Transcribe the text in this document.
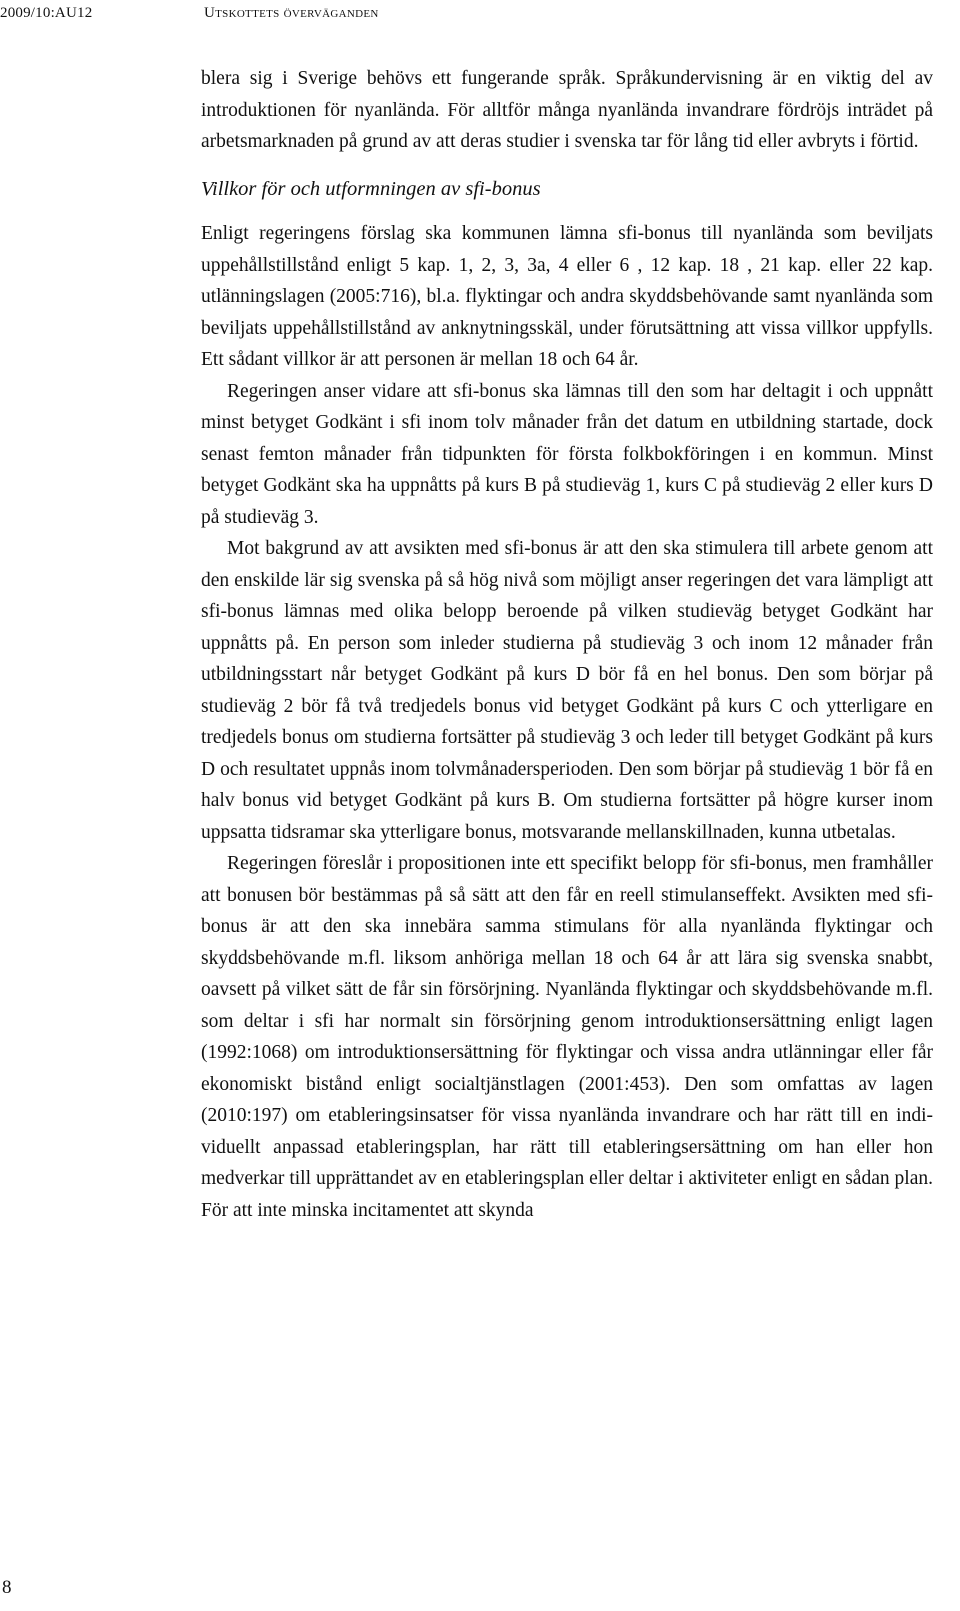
2009/10:AU12	Utskottets överväganden

blera sig i Sverige behövs ett fungerande språk. Språkundervisning är en viktig del av introduktionen för nyanlända. För alltför många nyanlända invandrare fördröjs inträdet på arbetsmarknaden på grund av att deras studier i svenska tar för lång tid eller avbryts i förtid.

Villkor för och utformningen av sfi-bonus

Enligt regeringens förslag ska kommunen lämna sfi-bonus till nyanlända som beviljats uppehållstillstånd enligt 5 kap. 1, 2, 3, 3a, 4 eller 6 , 12 kap. 18 , 21 kap. eller 22 kap. utlänningslagen (2005:716), bl.a. flyktingar och andra skyddsbehövande samt nyanlända som beviljats uppehållstillstånd av anknytningsskäl, under förutsättning att vissa villkor uppfylls. Ett sådant villkor är att personen är mellan 18 och 64 år.

Regeringen anser vidare att sfi-bonus ska lämnas till den som har deltagit i och uppnått minst betyget Godkänt i sfi inom tolv månader från det datum en utbildning startade, dock senast femton månader från tidpunkten för första folkbokföringen i en kommun. Minst betyget Godkänt ska ha uppnåtts på kurs B på studieväg 1, kurs C på studieväg 2 eller kurs D på studieväg 3.

Mot bakgrund av att avsikten med sfi-bonus är att den ska stimulera till arbete genom att den enskilde lär sig svenska på så hög nivå som möjligt anser regeringen det vara lämpligt att sfi-bonus lämnas med olika belopp beroende på vilken studieväg betyget Godkänt har uppnåtts på. En person som inleder studierna på studieväg 3 och inom 12 månader från utbildningsstart når betyget Godkänt på kurs D bör få en hel bonus. Den som börjar på studieväg 2 bör få två tredjedels bonus vid betyget Godkänt på kurs C och ytterligare en tredjedels bonus om studierna fortsätter på studieväg 3 och leder till betyget Godkänt på kurs D och resultatet uppnås inom tolvmånadersperioden. Den som börjar på studieväg 1 bör få en halv bonus vid betyget Godkänt på kurs B. Om studierna fortsätter på högre kurser inom uppsatta tidsramar ska ytterligare bonus, motsvarande mellanskillnaden, kunna utbetalas.

Regeringen föreslår i propositionen inte ett specifikt belopp för sfi-bonus, men framhåller att bonusen bör bestämmas på så sätt att den får en reell stimulanseffekt. Avsikten med sfi-bonus är att den ska innebära samma stimulans för alla nyanlända flyktingar och skyddsbehövande m.fl. liksom anhöriga mellan 18 och 64 år att lära sig svenska snabbt, oavsett på vilket sätt de får sin försörjning. Nyanlända flyktingar och skyddsbehövande m.fl. som deltar i sfi har normalt sin försörjning genom introduktionsersättning enligt lagen (1992:1068) om introduktionsersättning för flyktingar och vissa andra utlänningar eller får ekonomiskt bistånd enligt socialtjänstlagen (2001:453). Den som omfattas av lagen (2010:197) om etableringsinsatser för vissa nyanlända invandrare och har rätt till en individuellt anpassad etableringsplan, har rätt till etableringsersättning om han eller hon medverkar till upprättandet av en etableringsplan eller deltar i aktiviteter enligt en sådan plan. För att inte minska incitamentet att skynda

8
